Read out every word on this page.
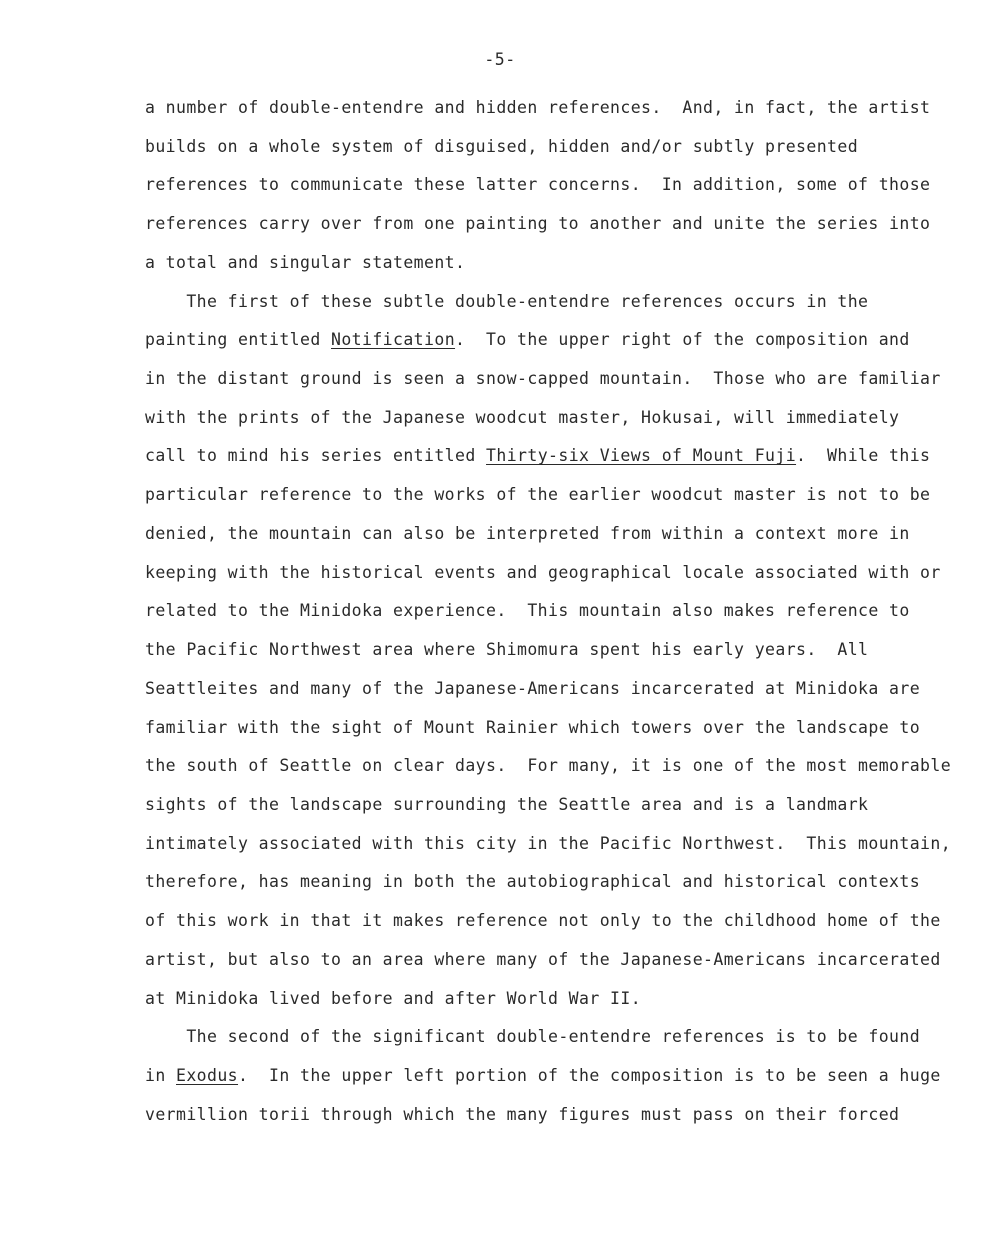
-5-
a number of double-entendre and hidden references.  And, in fact, the artist
builds on a whole system of disguised, hidden and/or subtly presented
references to communicate these latter concerns.  In addition, some of those
references carry over from one painting to another and unite the series into
a total and singular statement.
The first of these subtle double-entendre references occurs in the
painting entitled Notification.  To the upper right of the composition and
in the distant ground is seen a snow-capped mountain.  Those who are familiar
with the prints of the Japanese woodcut master, Hokusai, will immediately
call to mind his series entitled Thirty-six Views of Mount Fuji.  While this
particular reference to the works of the earlier woodcut master is not to be
denied, the mountain can also be interpreted from within a context more in
keeping with the historical events and geographical locale associated with or
related to the Minidoka experience.  This mountain also makes reference to
the Pacific Northwest area where Shimomura spent his early years.  All
Seattleites and many of the Japanese-Americans incarcerated at Minidoka are
familiar with the sight of Mount Rainier which towers over the landscape to
the south of Seattle on clear days.  For many, it is one of the most memorable
sights of the landscape surrounding the Seattle area and is a landmark
intimately associated with this city in the Pacific Northwest.  This mountain,
therefore, has meaning in both the autobiographical and historical contexts
of this work in that it makes reference not only to the childhood home of the
artist, but also to an area where many of the Japanese-Americans incarcerated
at Minidoka lived before and after World War II.
The second of the significant double-entendre references is to be found
in Exodus.  In the upper left portion of the composition is to be seen a huge
vermillion torii through which the many figures must pass on their forced
